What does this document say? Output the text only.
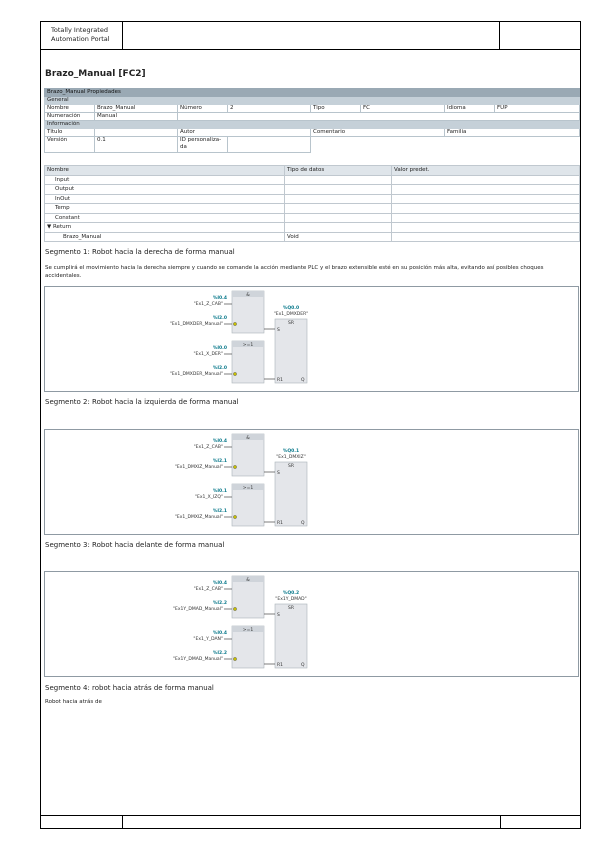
Totally Integrated
Automation Portal
Brazo_Manual [FC2]
Brazo_Manual Propiedades							
General							
Nombre	Brazo_Manual	Número	2	Tipo	FC	Idioma	FUP
Numeración	Manual						
Información							
Título		Autor		Comentario		Familia	
Versión	0.1	ID personaliza-da					
Nombre	Tipo de datos	Valor predet.
Input		
Output		
InOut		
Temp		
Constant		
▼ Return		
Brazo_Manual	Void	
Segmento 1: Robot hacia la derecha de forma manual
Se cumplirá el movimiento hacia la derecha siempre y cuando se comande la acción mediante PLC y el brazo extensible esté en su posición más alta, evitando así posibles choques accidentales.
&
>=1
SR
S
R1	Q
%I0.4
"Ex1_Z_CAB"
%I2.0
"Ex1_DMXDER_Manual"
%I0.0
"Ex1_X_DER"
%I2.0
"Ex1_DMXDER_Manual"
%Q0.0
"Ex1_DMXDER"
Segmento 2: Robot hacia la izquierda de forma manual
&
>=1
SR
S
R1	Q
%I0.4
"Ex1_Z_CAB"
%I2.1
"Ex1_DMXIZ_Manual"
%I0.1
"Ex1_X_IZQ"
%I2.1
"Ex1_DMXIZ_Manual"
%Q0.1
"Ex1_DMXIZ"
Segmento 3: Robot hacia delante de forma manual
&
>=1
SR
S
R1	Q
%I0.4
"Ex1_Z_CAB"
%I2.2
"Ex1Y_DMAD_Manual"
%I0.4
"Ex1_Y_DAN"
%I2.2
"Ex1Y_DMAD_Manual"
%Q0.2
"Ex1Y_DMAD"
Segmento 4: robot hacia atrás de forma manual
Robot hacia atrás de
